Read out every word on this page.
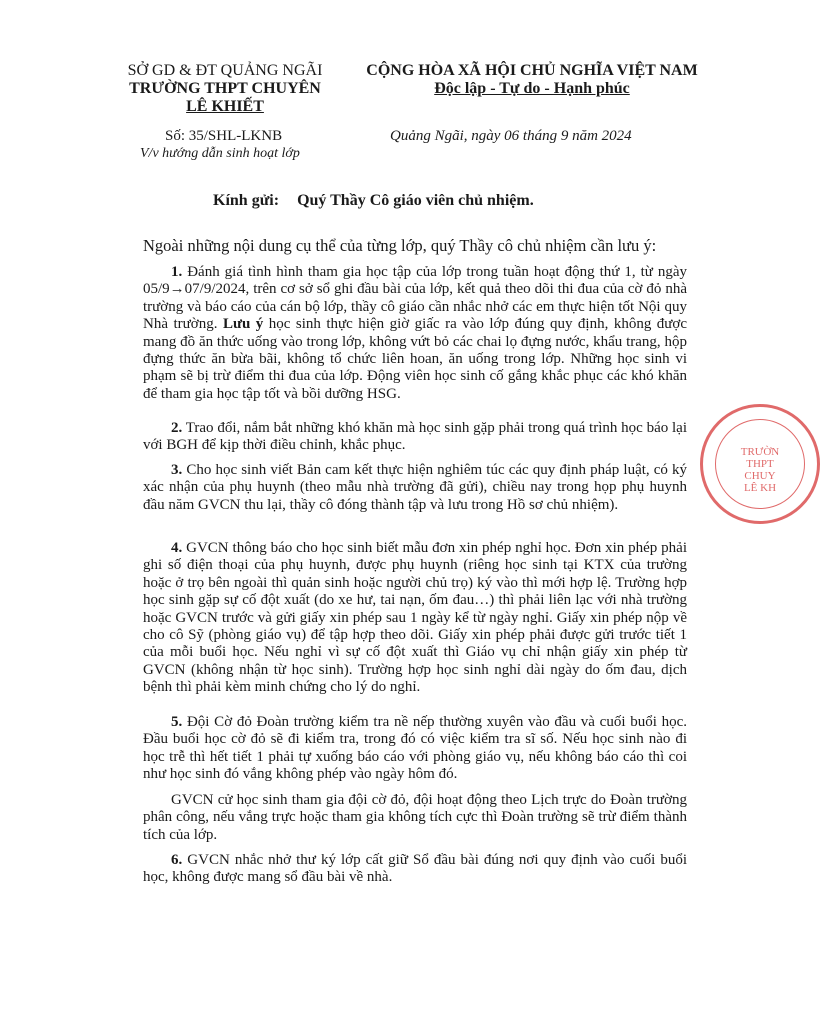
SỞ GD & ĐT QUẢNG NGÃI
TRƯỜNG THPT CHUYÊN
LÊ KHIẾT
CỘNG HÒA XÃ HỘI CHỦ NGHĨA VIỆT NAM
Độc lập - Tự do - Hạnh phúc
Số: 35/SHL-LKNB
V/v hướng dẫn sinh hoạt lớp
Quảng Ngãi, ngày 06 tháng 9 năm 2024
Kính gửi: Quý Thầy Cô giáo viên chủ nhiệm.
Ngoài những nội dung cụ thể của từng lớp, quý Thầy cô chủ nhiệm cần lưu ý:

1. Đánh giá tình hình tham gia học tập của lớp trong tuần hoạt động thứ 1, từ ngày 05/9→07/9/2024, trên cơ sở sổ ghi đầu bài của lớp, kết quả theo dõi thi đua của cờ đỏ nhà trường và báo cáo của cán bộ lớp, thầy cô giáo cần nhắc nhở các em thực hiện tốt Nội quy Nhà trường. Lưu ý học sinh thực hiện giờ giấc ra vào lớp đúng quy định, không được mang đồ ăn thức uống vào trong lớp, không vứt bỏ các chai lọ đựng nước, khẩu trang, hộp đựng thức ăn bừa bãi, không tổ chức liên hoan, ăn uống trong lớp. Những học sinh vi phạm sẽ bị trừ điểm thi đua của lớp. Động viên học sinh cố gắng khắc phục các khó khăn để tham gia học tập tốt và bồi dưỡng HSG.

2. Trao đổi, nắm bắt những khó khăn mà học sinh gặp phải trong quá trình học báo lại với BGH để kịp thời điều chỉnh, khắc phục.

3. Cho học sinh viết Bản cam kết thực hiện nghiêm túc các quy định pháp luật, có ký xác nhận của phụ huynh (theo mẫu nhà trường đã gửi), chiều nay trong họp phụ huynh đầu năm GVCN thu lại, thầy cô đóng thành tập và lưu trong Hồ sơ chủ nhiệm).

4. GVCN thông báo cho học sinh biết mẫu đơn xin phép nghỉ học. Đơn xin phép phải ghi số điện thoại của phụ huynh, được phụ huynh (riêng học sinh tại KTX của trường hoặc ở trọ bên ngoài thì quản sinh hoặc người chủ trọ) ký vào thì mới hợp lệ. Trường hợp học sinh gặp sự cố đột xuất (do xe hư, tai nạn, ốm đau…) thì phải liên lạc với nhà trường hoặc GVCN trước và gửi giấy xin phép sau 1 ngày kể từ ngày nghỉ. Giấy xin phép nộp về cho cô Sỹ (phòng giáo vụ) để tập hợp theo dõi. Giấy xin phép phải được gửi trước tiết 1 của mỗi buổi học. Nếu nghỉ vì sự cố đột xuất thì Giáo vụ chỉ nhận giấy xin phép từ GVCN (không nhận từ học sinh). Trường hợp học sinh nghỉ dài ngày do ốm đau, dịch bệnh thì phải kèm minh chứng cho lý do nghỉ.

5. Đội Cờ đỏ Đoàn trường kiểm tra nề nếp thường xuyên vào đầu và cuối buổi học. Đầu buổi học cờ đỏ sẽ đi kiểm tra, trong đó có việc kiểm tra sĩ số. Nếu học sinh nào đi học trễ thì hết tiết 1 phải tự xuống báo cáo với phòng giáo vụ, nếu không báo cáo thì coi như học sinh đó vắng không phép vào ngày hôm đó.

GVCN cử học sinh tham gia đội cờ đỏ, đội hoạt động theo Lịch trực do Đoàn trường phân công, nếu vắng trực hoặc tham gia không tích cực thì Đoàn trường sẽ trừ điểm thành tích của lớp.

6. GVCN nhắc nhở thư ký lớp cất giữ Sổ đầu bài đúng nơi quy định vào cuối buổi học, không được mang sổ đầu bài về nhà.

TRƯỜN
THPT
CHUY
LÊ KH
